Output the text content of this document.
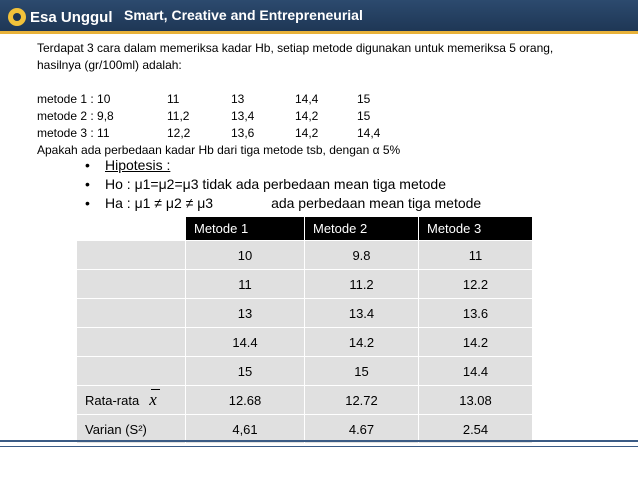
Esa Unggul Smart, Creative and Entrepreneurial
Terdapat 3 cara dalam memeriksa kadar Hb, setiap metode digunakan untuk memeriksa 5 orang,
hasilnya (gr/100ml) adalah:
metode 1 : 10	11	13	14,4	15
metode 2 : 9,8	11,2	13,4	14,2	15
metode 3 : 11	12,2	13,6	14,2	14,4
Apakah ada perbedaan kadar Hb dari tiga metode tsb, dengan α 5%
• Hipotesis :
• Ho : μ1=μ2=μ3 tidak ada perbedaan mean tiga metode
• Ha : μ1 ≠ μ2 ≠ μ3	ada perbedaan mean tiga metode
	Metode 1	Metode 2	Metode 3
	10	9.8	11
	11	11.2	12.2
	13	13.4	13.6
	14.4	14.2	14.2
	15	15	14.4
Rata-rata x	12.68	12.72	13.08
Varian (S²)	4,61	4.67	2.54
